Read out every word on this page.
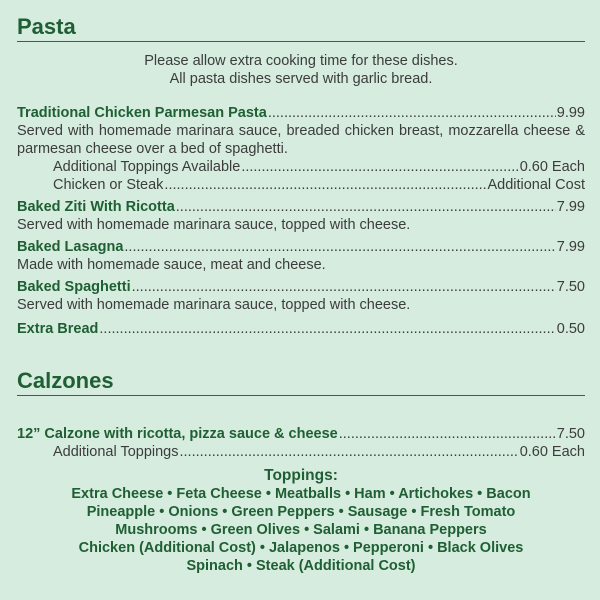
Pasta
Please allow extra cooking time for these dishes.
All pasta dishes served with garlic bread.
Traditional Chicken Parmesan Pasta .....	9.99
Served with homemade marinara sauce, breaded chicken breast, mozzarella cheese & parmesan cheese over a bed of spaghetti.
Additional Toppings Available .....	0.60 Each
Chicken or Steak .....	Additional Cost
Baked Ziti With Ricotta .....	7.99
Served with homemade marinara sauce, topped with cheese.
Baked Lasagna .....	7.99
Made with homemade sauce, meat and cheese.
Baked Spaghetti .....	7.50
Served with homemade marinara sauce, topped with cheese.
Extra Bread .....	0.50
Calzones
12” Calzone with ricotta, pizza sauce & cheese .....	7.50
Additional Toppings .....	0.60 Each
Toppings:
Extra Cheese • Feta Cheese • Meatballs • Ham • Artichokes • Bacon
Pineapple • Onions • Green Peppers • Sausage • Fresh Tomato
Mushrooms • Green Olives • Salami • Banana Peppers
Chicken (Additional Cost) • Jalapenos • Pepperoni • Black Olives
Spinach • Steak (Additional Cost)
